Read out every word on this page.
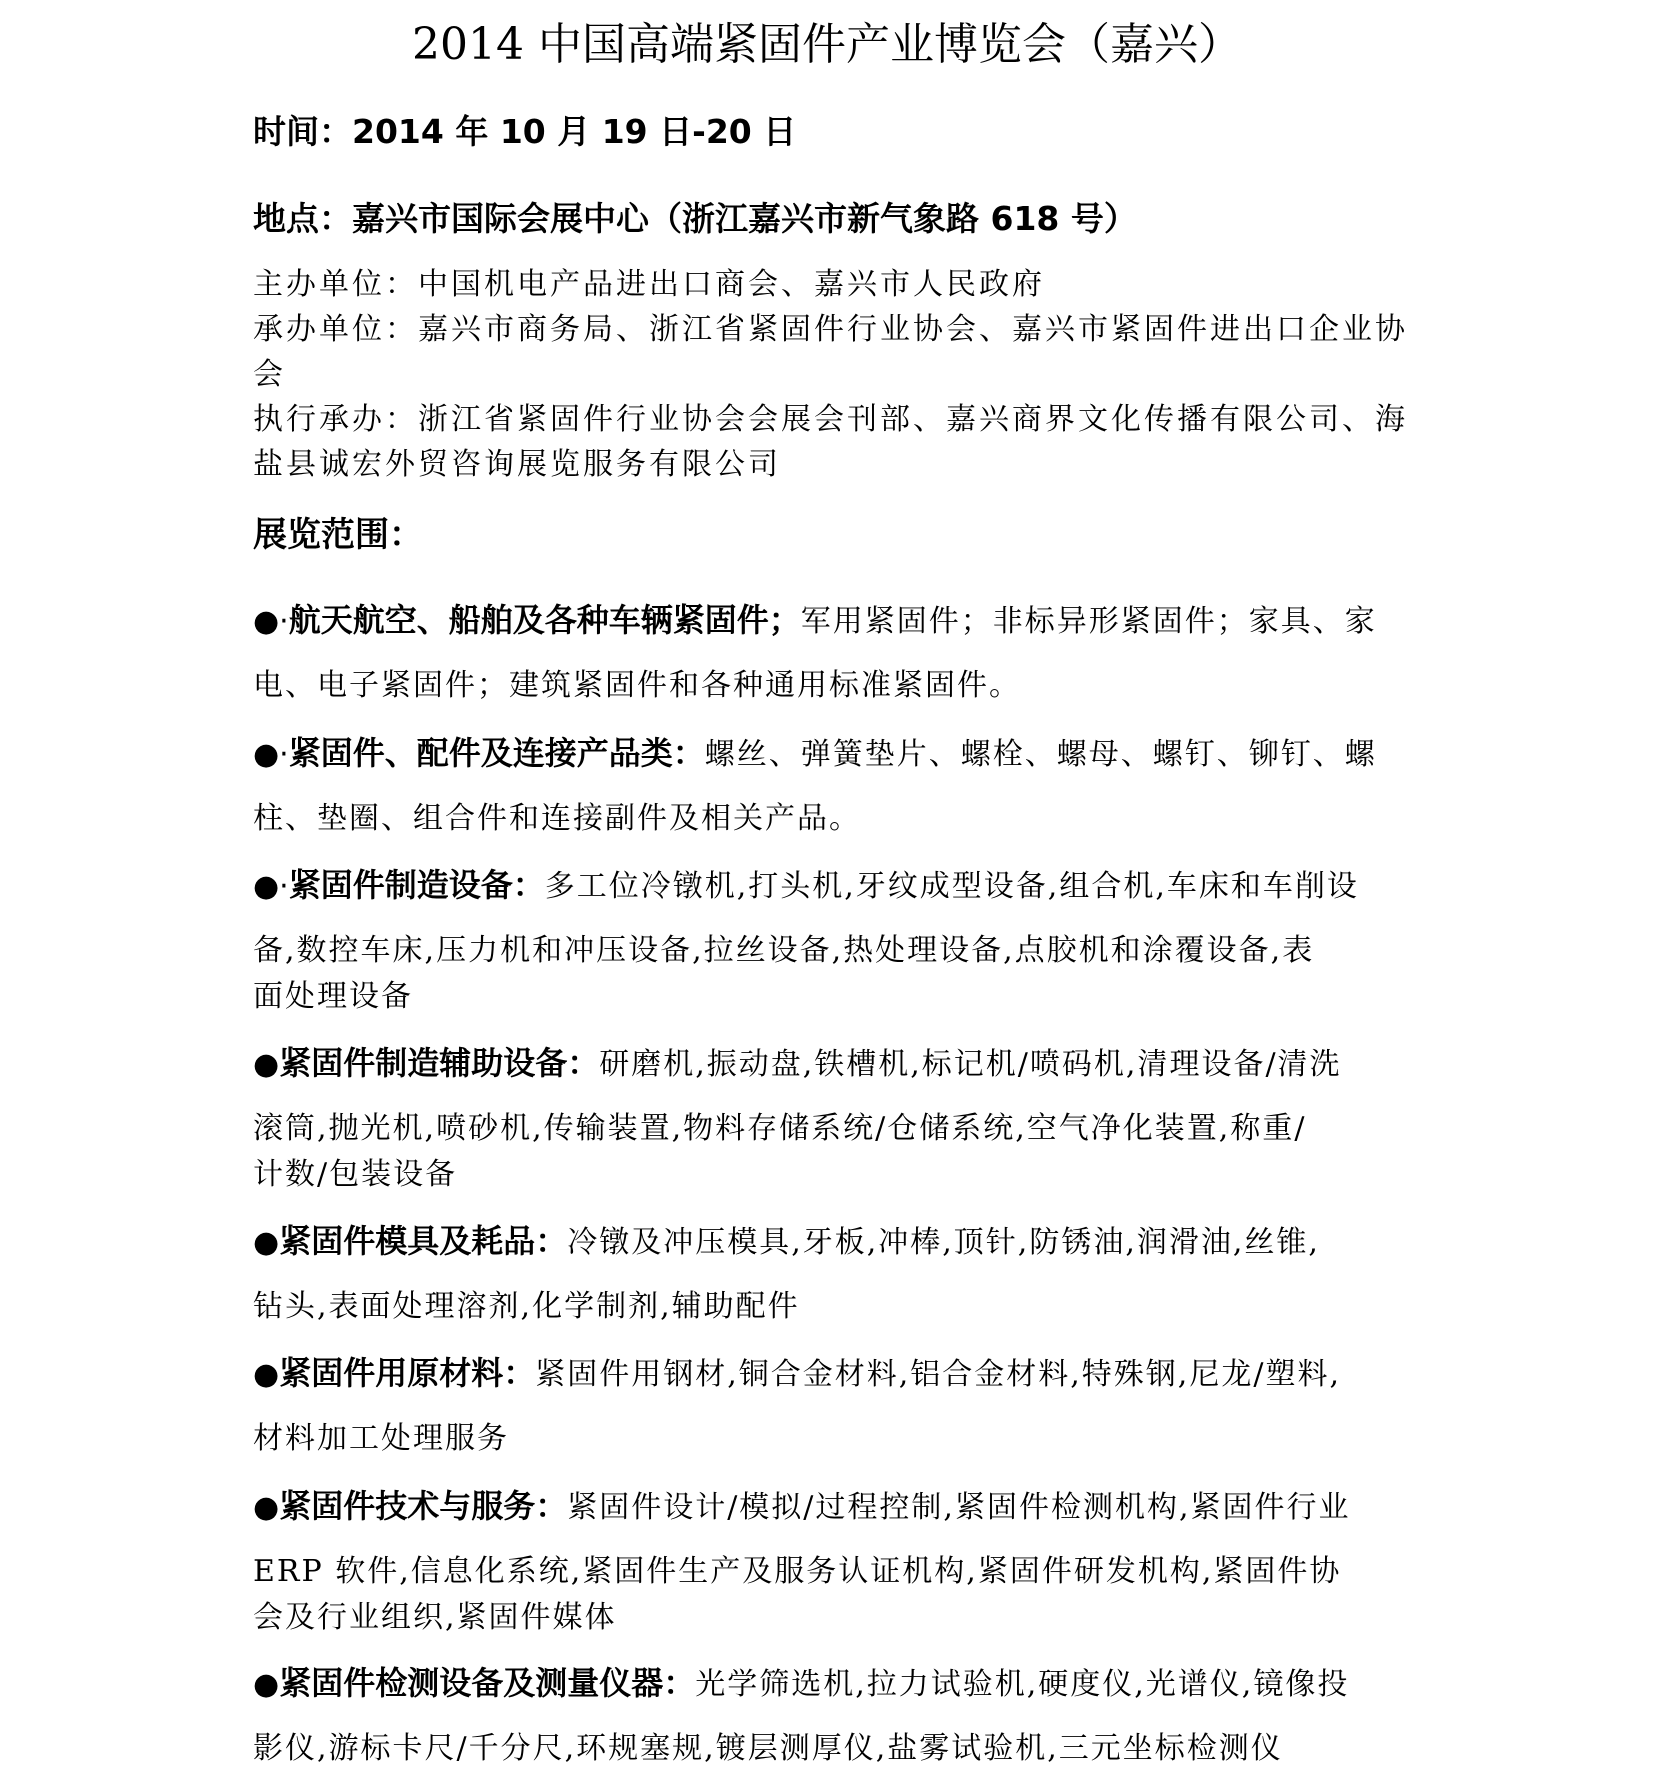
2014 中国高端紧固件产业博览会（嘉兴）
时间：2014 年 10 月 19 日-20 日
地点：嘉兴市国际会展中心（浙江嘉兴市新气象路 618 号）

主办单位：中国机电产品进出口商会、嘉兴市人民政府

承办单位：嘉兴市商务局、浙江省紧固件行业协会、嘉兴市紧固件进出口企业协
会

执行承办：浙江省紧固件行业协会会展会刊部、嘉兴商界文化传播有限公司、海
盐县诚宏外贸咨询展览服务有限公司

展览范围：
●·航天航空、船舶及各种车辆紧固件；军用紧固件；非标异形紧固件；家具、家
电、电子紧固件；建筑紧固件和各种通用标准紧固件。
●·紧固件、配件及连接产品类：螺丝、弹簧垫片、螺栓、螺母、螺钉、铆钉、螺
柱、垫圈、组合件和连接副件及相关产品。
●·紧固件制造设备：多工位冷镦机,打头机,牙纹成型设备,组合机,车床和车削设
备,数控车床,压力机和冲压设备,拉丝设备,热处理设备,点胶机和涂覆设备,表
面处理设备
●紧固件制造辅助设备：研磨机,振动盘,铁槽机,标记机/喷码机,清理设备/清洗
滚筒,抛光机,喷砂机,传输装置,物料存储系统/仓储系统,空气净化装置,称重/
计数/包装设备
●紧固件模具及耗品：冷镦及冲压模具,牙板,冲棒,顶针,防锈油,润滑油,丝锥,
钻头,表面处理溶剂,化学制剂,辅助配件
●紧固件用原材料：紧固件用钢材,铜合金材料,铝合金材料,特殊钢,尼龙/塑料,
材料加工处理服务
●紧固件技术与服务：紧固件设计/模拟/过程控制,紧固件检测机构,紧固件行业
ERP 软件,信息化系统,紧固件生产及服务认证机构,紧固件研发机构,紧固件协
会及行业组织,紧固件媒体
●紧固件检测设备及测量仪器：光学筛选机,拉力试验机,硬度仪,光谱仪,镜像投
影仪,游标卡尺/千分尺,环规塞规,镀层测厚仪,盐雾试验机,三元坐标检测仪
